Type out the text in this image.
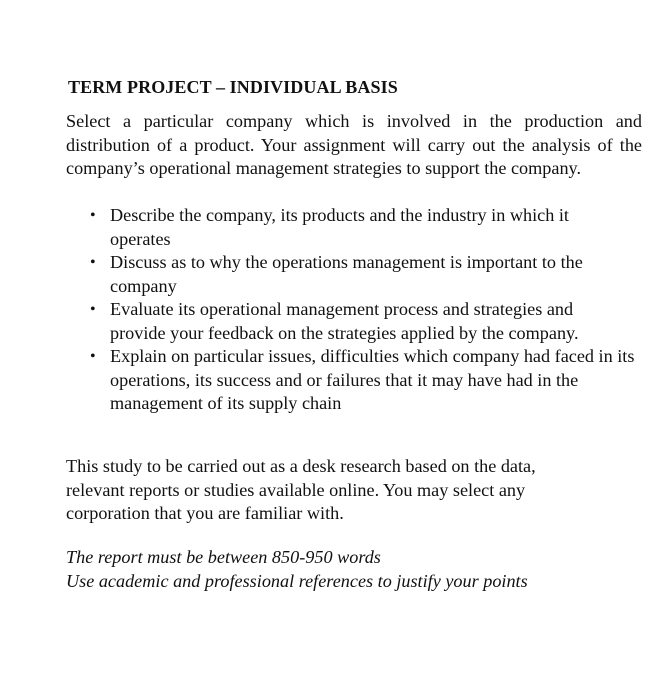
TERM PROJECT – INDIVIDUAL BASIS

Select a particular company which is involved in the production and distribution of a product. Your assignment will carry out the analysis of the company’s operational management strategies to support the company.

• Describe the company, its products and the industry in which it operates
• Discuss as to why the operations management is important to the company
• Evaluate its operational management process and strategies and provide your feedback on the strategies applied by the company.
• Explain on particular issues, difficulties which company had faced in its operations, its success and or failures that it may have had in the management of its supply chain

This study to be carried out as a desk research based on the data, relevant reports or studies available online. You may select any corporation that you are familiar with.

The report must be between 850-950 words
Use academic and professional references to justify your points
